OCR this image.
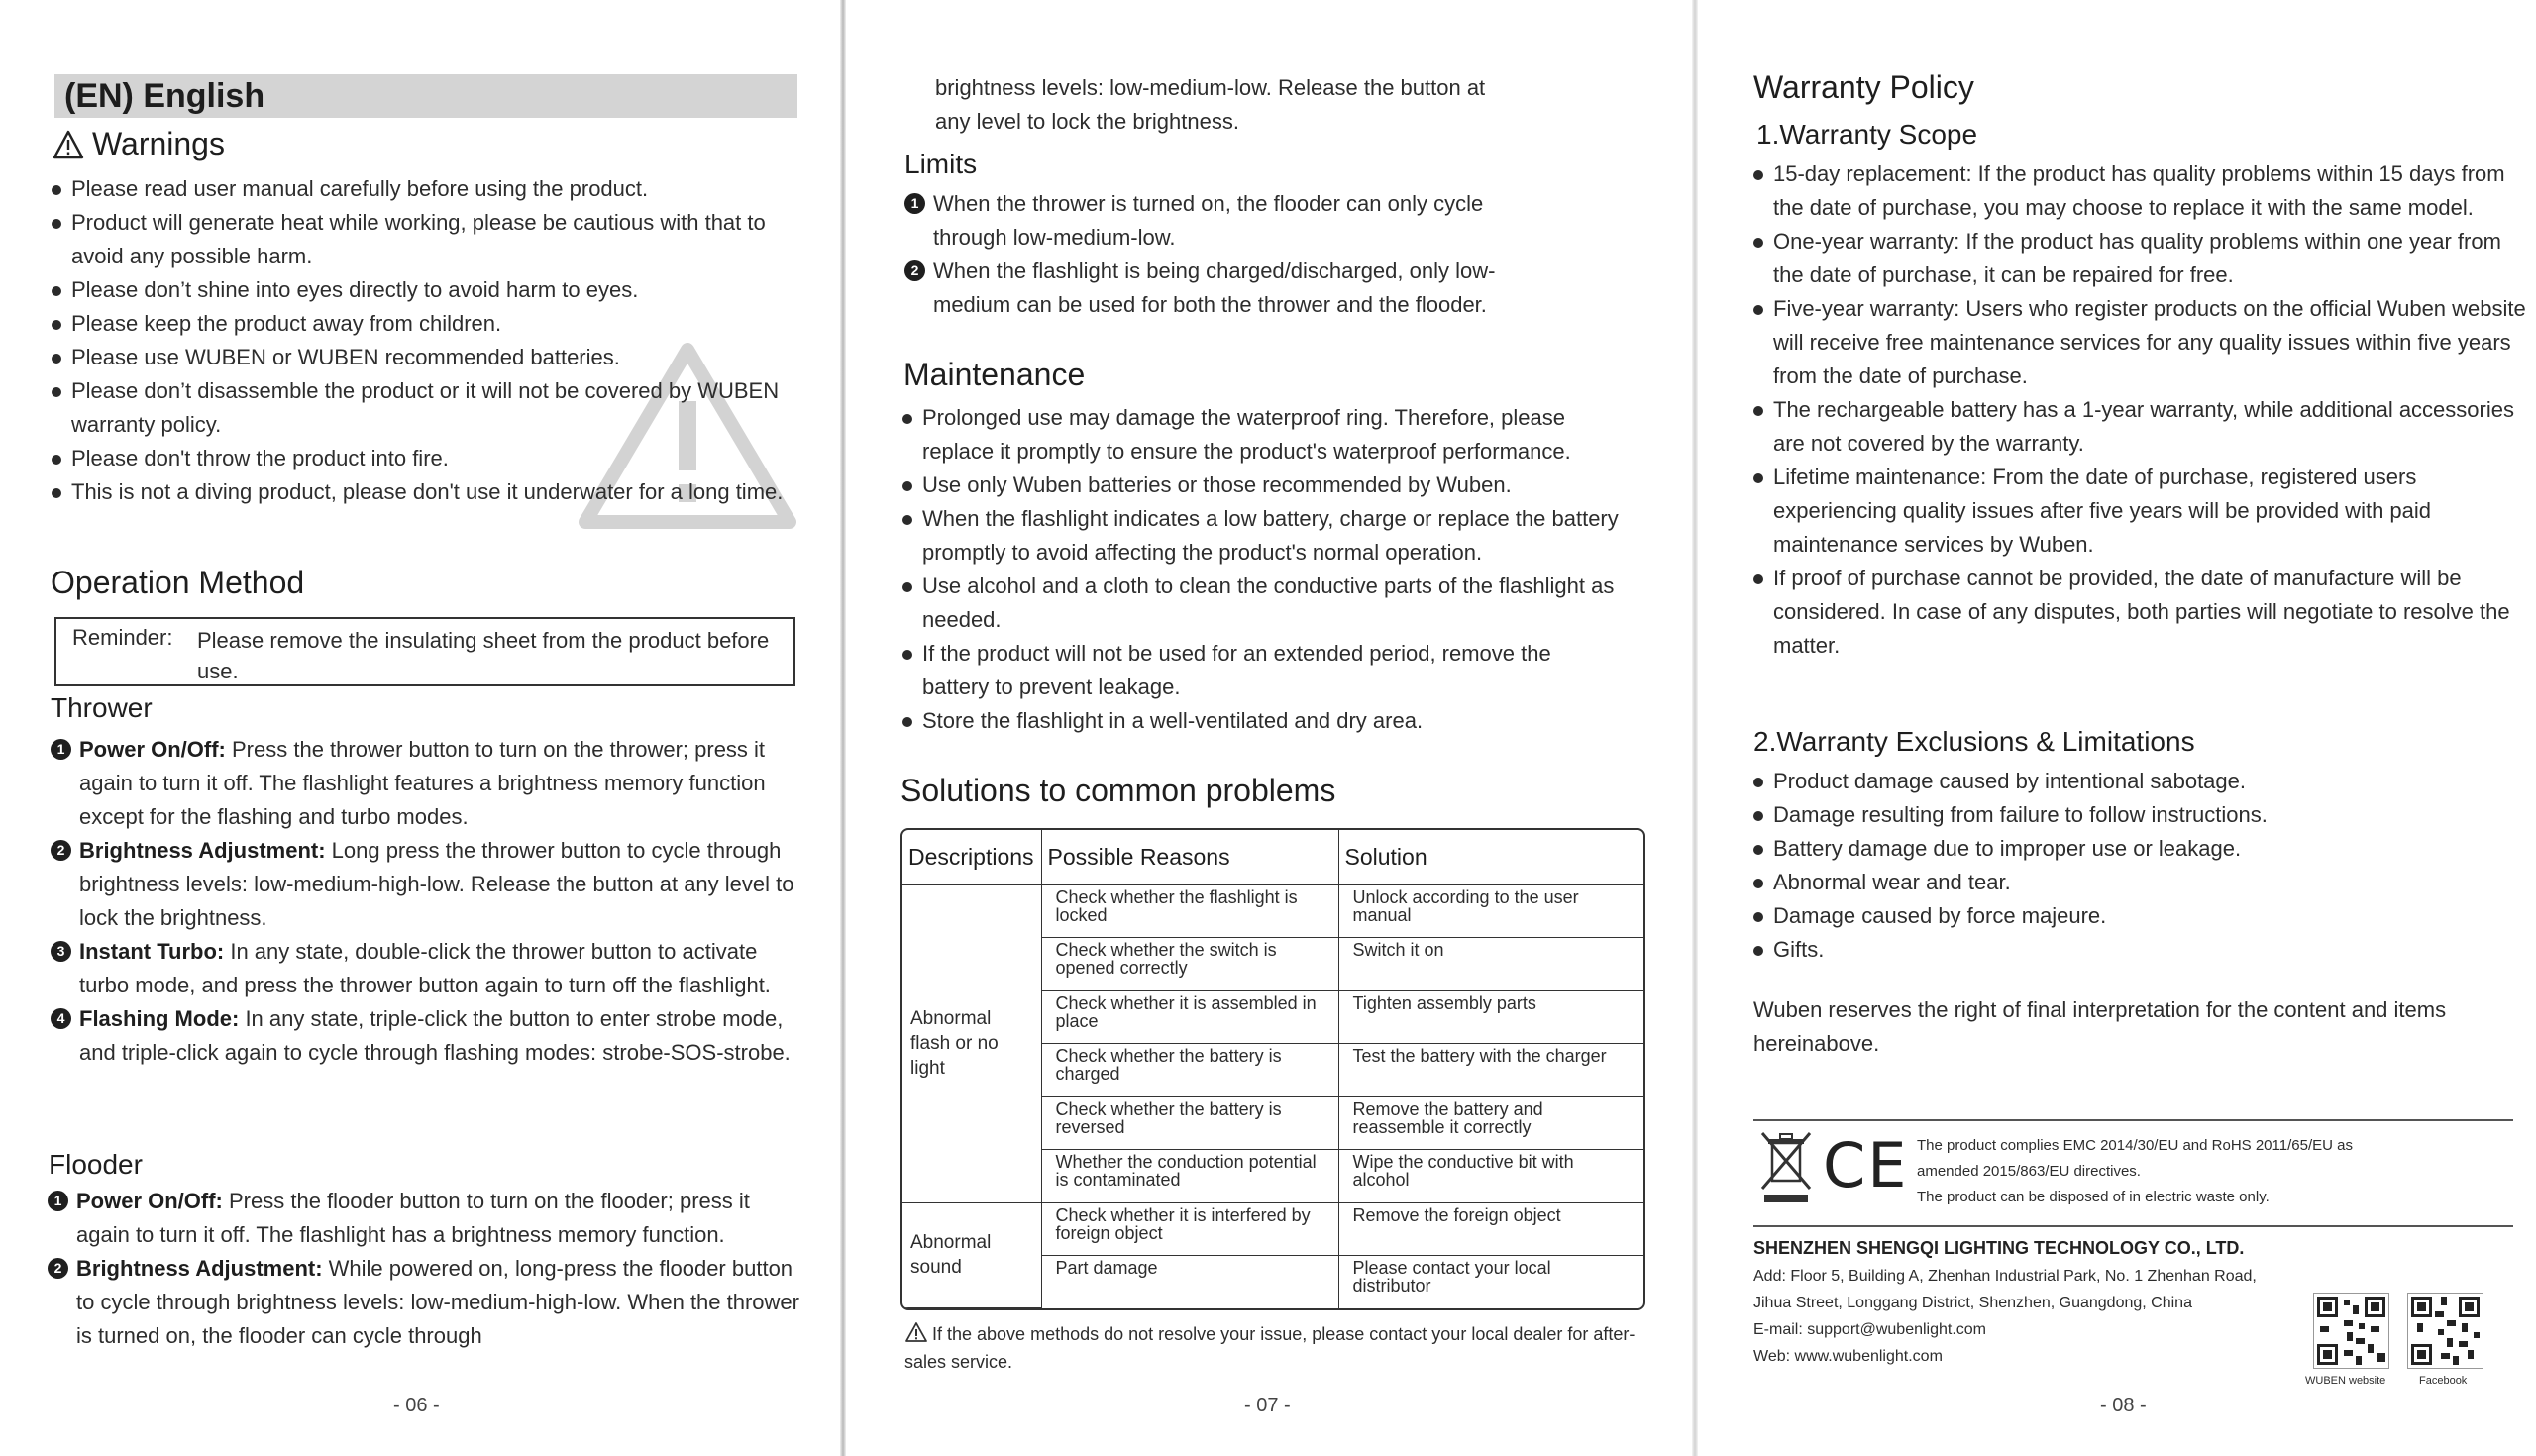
(EN) English
Warnings
Please read user manual carefully before using the product.
Product will generate heat while working, please be cautious with that to avoid any possible harm.
Please don’t shine into eyes directly to avoid harm to eyes.
Please keep the product away from children.
Please use WUBEN or WUBEN recommended batteries.
Please don’t disassemble the product or it will not be covered by WUBEN warranty policy.
Please don't throw the product into fire.
This is not a diving product, please don't use it underwater for a long time.
Operation Method
Reminder: Please remove the insulating sheet from the product before use.
Thrower
1 Power On/Off: Press the thrower button to turn on the thrower; press it again to turn it off. The flashlight features a brightness memory function except for the flashing and turbo modes.
2 Brightness Adjustment: Long press the thrower button to cycle through brightness levels: low-medium-high-low. Release the button at any level to lock the brightness.
3 Instant Turbo: In any state, double-click the thrower button to activate turbo mode, and press the thrower button again to turn off the flashlight.
4 Flashing Mode: In any state, triple-click the button to enter strobe mode, and triple-click again to cycle through flashing modes: strobe-SOS-strobe.
Flooder
1 Power On/Off: Press the flooder button to turn on the flooder; press it again to turn it off. The flashlight has a brightness memory function.
2 Brightness Adjustment: While powered on, long-press the flooder button to cycle through brightness levels: low-medium-high-low. When the thrower is turned on, the flooder can cycle through
- 06 -
brightness levels: low-medium-low. Release the button at any level to lock the brightness.
Limits
1 When the thrower is turned on, the flooder can only cycle through low-medium-low.
2 When the flashlight is being charged/discharged, only low-medium can be used for both the thrower and the flooder.
Maintenance
Prolonged use may damage the waterproof ring. Therefore, please replace it promptly to ensure the product's waterproof performance.
Use only Wuben batteries or those recommended by Wuben.
When the flashlight indicates a low battery, charge or replace the battery promptly to avoid affecting the product's normal operation.
Use alcohol and a cloth to clean the conductive parts of the flashlight as needed.
If the product will not be used for an extended period, remove the battery to prevent leakage.
Store the flashlight in a well-ventilated and dry area.
Solutions to common problems
If the above methods do not resolve your issue, please contact your local dealer for after-sales service.
- 07 -
Descriptions	Possible Reasons	Solution
Abnormal flash or no light	Check whether the flashlight is locked	Unlock according to the user manual
	Check whether the switch is opened correctly	Switch it on
	Check whether it is assembled in place	Tighten assembly parts
	Check whether the battery is charged	Test the battery with the charger
	Check whether the battery is reversed	Remove the battery and reassemble it correctly
	Whether the conduction potential is contaminated	Wipe the conductive bit with alcohol
Abnormal sound	Check whether it is interfered by foreign object	Remove the foreign object
	Part damage	Please contact your local distributor
Warranty Policy
1.Warranty Scope
15-day replacement: If the product has quality problems within 15 days from the date of purchase, you may choose to replace it with the same model.
One-year warranty: If the product has quality problems within one year from the date of purchase, it can be repaired for free.
Five-year warranty: Users who register products on the official Wuben website will receive free maintenance services for any quality issues within five years from the date of purchase.
The rechargeable battery has a 1-year warranty, while additional accessories are not covered by the warranty.
Lifetime maintenance: From the date of purchase, registered users experiencing quality issues after five years will be provided with paid maintenance services by Wuben.
If proof of purchase cannot be provided, the date of manufacture will be considered. In case of any disputes, both parties will negotiate to resolve the matter.
2.Warranty Exclusions & Limitations
Product damage caused by intentional sabotage.
Damage resulting from failure to follow instructions.
Battery damage due to improper use or leakage.
Abnormal wear and tear.
Damage caused by force majeure.
Gifts.
Wuben reserves the right of final interpretation for the content and items hereinabove.
CE The product complies EMC 2014/30/EU and RoHS 2011/65/EU as
amended 2015/863/EU directives.
The product can be disposed of in electric waste only.
SHENZHEN SHENGQI LIGHTING TECHNOLOGY CO., LTD.
Add: Floor 5, Building A, Zhenhan Industrial Park, No. 1 Zhenhan Road,
Jihua Street, Longgang District, Shenzhen, Guangdong, China
E-mail: support@wubenlight.com
Web: www.wubenlight.com
WUBEN website	Facebook
- 08 -
